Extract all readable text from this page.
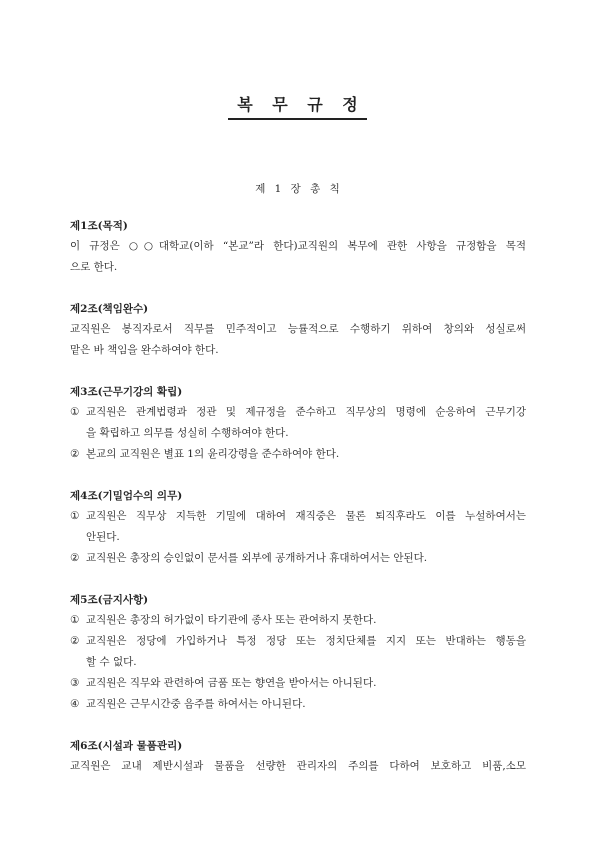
복 무 규 정
제 1 장 총 칙
제1조(목적)
이 규정은 ○○대학교(이하 “본교”라 한다)교직원의 복무에 관한 사항을 규정함을 목적
으로 한다.
제2조(책임완수)
교직원은 봉직자로서 직무를 민주적이고 능률적으로 수행하기 위하여 창의와 성실로써
맡은 바 책임을 완수하여야 한다.
제3조(근무기강의 확립)
① 교직원은 관계법령과 정관 및 제규정을 준수하고 직무상의 명령에 순응하여 근무기강
을 확립하고 의무를 성실히 수행하여야 한다.
② 본교의 교직원은 별표 1의 윤리강령을 준수하여야 한다.
제4조(기밀엄수의 의무)
① 교직원은 직무상 지득한 기밀에 대하여 재직중은 물론 퇴직후라도 이를 누설하여서는
안된다.
② 교직원은 총장의 승인없이 문서를 외부에 공개하거나 휴대하여서는 안된다.
제5조(금지사항)
① 교직원은 총장의 허가없이 타기관에 종사 또는 관여하지 못한다.
② 교직원은 정당에 가입하거나 특정 정당 또는 정치단체를 지지 또는 반대하는 행동을
할 수 없다.
③ 교직원은 직무와 관련하여 금품 또는 향연을 받아서는 아니된다.
④ 교직원은 근무시간중 음주를 하여서는 아니된다.
제6조(시설과 물품관리)
교직원은 교내 제반시설과 물품을 선량한 관리자의 주의를 다하여 보호하고 비품,소모
